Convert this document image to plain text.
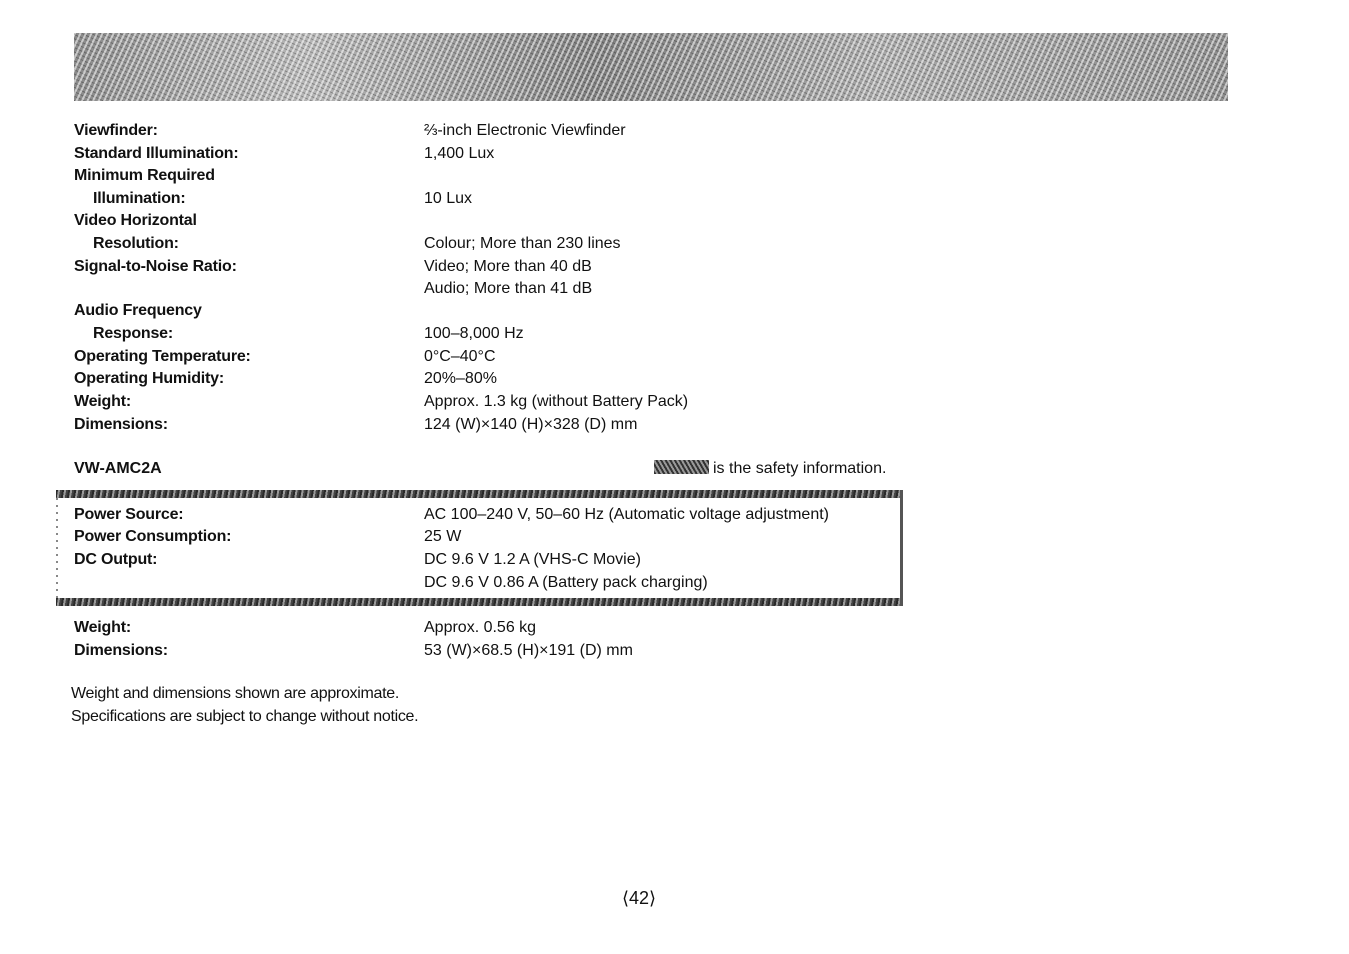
Viewfinder:	⅔-inch Electronic Viewfinder
Standard Illumination:	1,400 Lux
Minimum Required
Illumination:	10 Lux
Video Horizontal
Resolution:	Colour; More than 230 lines
Signal-to-Noise Ratio:	Video; More than 40 dB
Audio; More than 41 dB
Audio Frequency
Response:	100–8,000 Hz
Operating Temperature:	0°C–40°C
Operating Humidity:	20%–80%
Weight:	Approx. 1.3 kg (without Battery Pack)
Dimensions:	124 (W)×140 (H)×328 (D) mm
VW-AMC2A	is the safety information.
Power Source:	AC 100–240 V, 50–60 Hz (Automatic voltage adjustment)
Power Consumption:	25 W
DC Output:	DC 9.6 V 1.2 A (VHS-C Movie)
DC 9.6 V 0.86 A (Battery pack charging)
Weight:	Approx. 0.56 kg
Dimensions:	53 (W)×68.5 (H)×191 (D) mm
Weight and dimensions shown are approximate.
Specifications are subject to change without notice.
⟨42⟩
